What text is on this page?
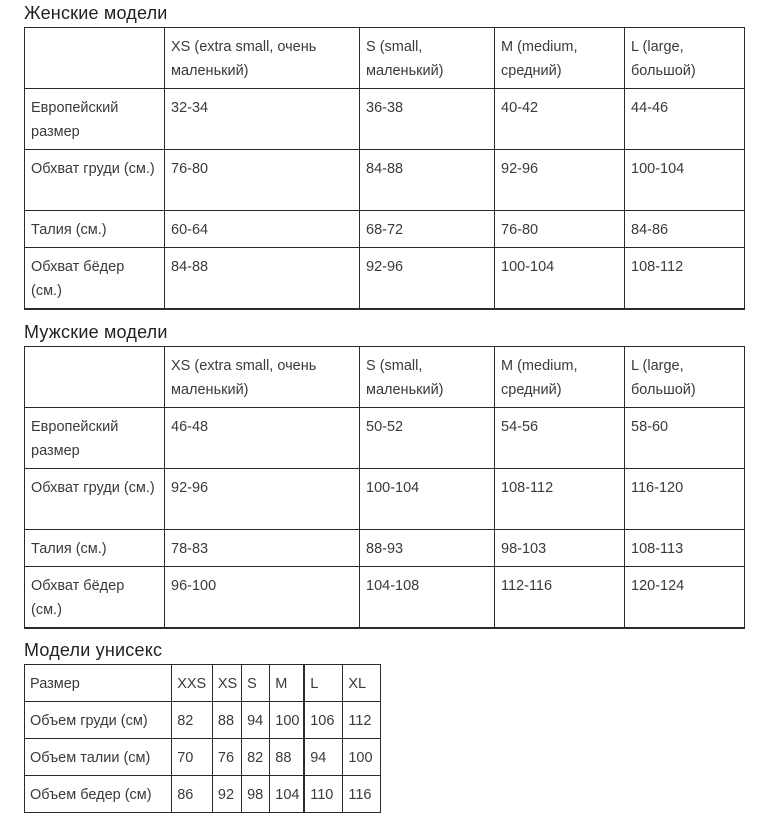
Женские модели
	XS (extra small, очень маленький)	S (small, маленький)	M (medium, средний)	L (large, большой)
Европейский размер	32-34	36-38	40-42	44-46
Обхват груди (см.)	76-80	84-88	92-96	100-104
Талия (см.)	60-64	68-72	76-80	84-86
Обхват бёдер (см.)	84-88	92-96	100-104	108-112
Мужские модели
	XS (extra small, очень маленький)	S (small, маленький)	M (medium, средний)	L (large, большой)
Европейский размер	46-48	50-52	54-56	58-60
Обхват груди (см.)	92-96	100-104	108-112	116-120
Талия (см.)	78-83	88-93	98-103	108-113
Обхват бёдер (см.)	96-100	104-108	112-116	120-124
Модели унисекс
Размер	XXS	XS	S	M	L	XL
Объем груди (см)	82	88	94	100	106	112
Объем талии (см)	70	76	82	88	94	100
Объем бедер (см)	86	92	98	104	110	116
